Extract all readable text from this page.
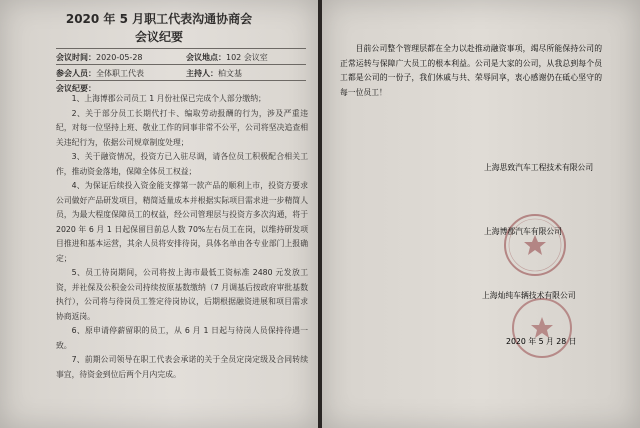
2020 年 5 月职工代表沟通协商会
会议纪要
会议时间：2020-05-28	会议地点：102 会议室
参会人员：全体职工代表	主持人：柏文基
会议纪要：

1、上海博郡公司员工 1 月份社保已完成个人部分缴纳；

2、关于部分员工长期代打卡、编取劳动报酬的行为，涉及严重违纪，对每一位坚持上班、敬业工作的同事非常不公平，公司将坚决追查相关违纪行为，依据公司规章制度处理；

3、关于融资情况，投资方已入驻尽调，请各位员工积极配合相关工作，推动资金落地，保障全体员工权益；

4、为保证后续投入资金能支撑第一款产品的顺利上市，投资方要求公司做好产品研发项目，精简适量成本并根据实际项目需求进一步精简人员，为最大程度保障员工的权益，经公司管理层与投资方多次沟通，将于 2020 年 6 月 1 日起保留目前总人数 70%左右员工在岗，以维持研发项目推进和基本运营，其余人员将安排待岗，具体名单由各专业部门上报确定；

5、员工待岗期间，公司将按上海市最低工资标准 2480 元发放工资，并社保及公积金公司持续按原基数缴纳（7 月调基后按政府审批基数执行），公司将与待岗员工签定待岗协议，后期根据融资进展和项目需求协商返岗。

6、原申请停薪留职的员工，从 6 月 1 日起与待岗人员保持待遇一致。

7、前期公司领导在职工代表会承诺的关于全员定岗定级及合同转续事宜，待资金到位后两个月内完成。

目前公司整个管理层都在全力以赴推动融资事项，竭尽所能保持公司的正常运转与保障广大员工的根本利益。公司是大家的公司，从我总到每个员工都是公司的一份子，我们休戚与共、荣辱同享，衷心感谢仍在砥心坚守的每一位员工！

上海思致汽车工程技术有限公司
上海博郡汽车有限公司
上海灿纯车辆技术有限公司
2020 年 5 月 28 日
